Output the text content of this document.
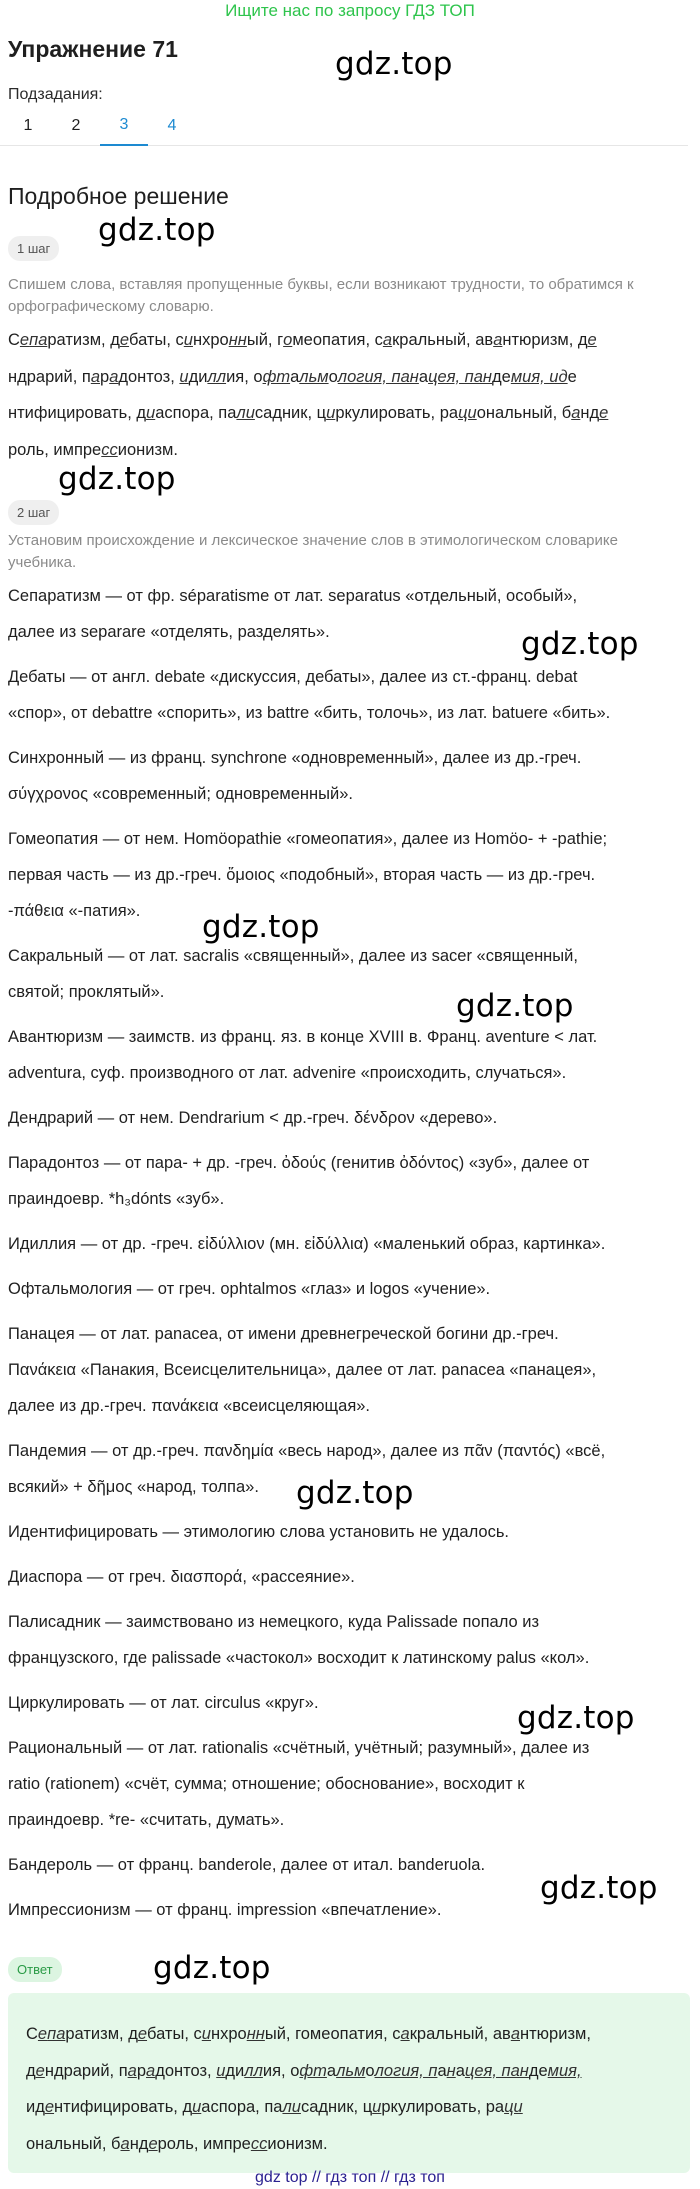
Ищите нас по запросу ГДЗ ТОП
Упражнение 71	gdz.top
Подзадания:
1	2	3	4
Подробное решение
gdz.top
1 шаг
Спишем слова, вставляя пропущенные буквы, если возникают трудности, то обратимся к орфографическому словарю.
Сепаратизм, дебаты, синхронный, гомеопатия, сакральный, авантюризм, де
ндрарий, парадонтоз, идиллия, офтальмология, панацея, пандемия, иде
нтифицировать, диаспора, палисадник, циркулировать, рациональный, банде
роль, импрессионизм.
gdz.top
2 шаг
Установим происхождение и лексическое значение слов в этимологическом словарике учебника.
Сепаратизм — от фр. séparatisme от лат. separatus «отдельный, особый»,
далее из separare «отделять, разделять».
Дебаты — от англ. debate «дискуссия, дебаты», далее из ст.-франц. debat
«спор», от debattre «спорить», из battre «бить, толочь», из лат. batuere «бить».
Синхронный — из франц. synchrone «одновременный», далее из др.-греч.
σύγχρονος «современный; одновременный».
Гомеопатия — от нем. Homöopathie «гомеопатия», далее из Homöo- + -pathie;
первая часть — из др.-греч. ὅμοιος «подобный», вторая часть — из др.-греч.
-πάθεια «-патия».
Сакральный — от лат. sacralis «священный», далее из sacer «священный,
святой; проклятый».
Авантюризм — заимств. из франц. яз. в конце XVIII в. Франц. aventure < лат.
adventura, суф. производного от лат. advenire «происходить, случаться».
Дендрарий — от нем. Dendrarium < др.-греч. δένδρον «дерево».
Парадонтоз — от пара- + др. -греч. ὀδούς (генитив ὀδόντος) «зуб», далее от
праиндоевр. *h₃dónts «зуб».
Идиллия — от др. -греч. εἰδύλλιον (мн. εἰδύλλια) «маленький образ, картинка».
Офтальмология — от греч. ophtalmos «глаз» и logos «учение».
Панацея — от лат. panacea, от имени древнегреческой богини др.-греч.
Πανάκεια «Панакия, Всеисцелительница», далее от лат. panacea «панацея»,
далее из др.-греч. πανάκεια «всеисцеляющая».
Пандемия — от др.-греч. πανδημία «весь народ», далее из πᾶν (παντός) «всё,
всякий» + δῆμος «народ, толпа».
Идентифицировать — этимологию слова установить не удалось.
Диаспора — от греч. διασπορά, «рассеяние».
Палисадник — заимствовано из немецкого, куда Palissade попало из
французского, где palissade «частокол» восходит к латинскому palus «кол».
Циркулировать — от лат. circulus «круг».
Рациональный — от лат. rationalis «счётный, учётный; разумный», далее из
ratio (rationem) «счёт, сумма; отношение; обоснование», восходит к
праиндоевр. *re- «считать, думать».
Бандероль — от франц. banderole, далее от итал. banderuola.
Импрессионизм — от франц. impression «впечатление».
gdz.top
gdz.top
gdz.top
gdz.top
gdz.top
gdz.top
Ответ	gdz.top
Сепаратизм, дебаты, синхронный, гомеопатия, сакральный, авантюризм,
дендрарий, парадонтоз, идиллия, офтальмология, панацея, пандемия,
идентифицировать, диаспора, палисадник, циркулировать, раци
ональный, бандероль, импрессионизм.
gdz top // гдз топ // гдз топ
